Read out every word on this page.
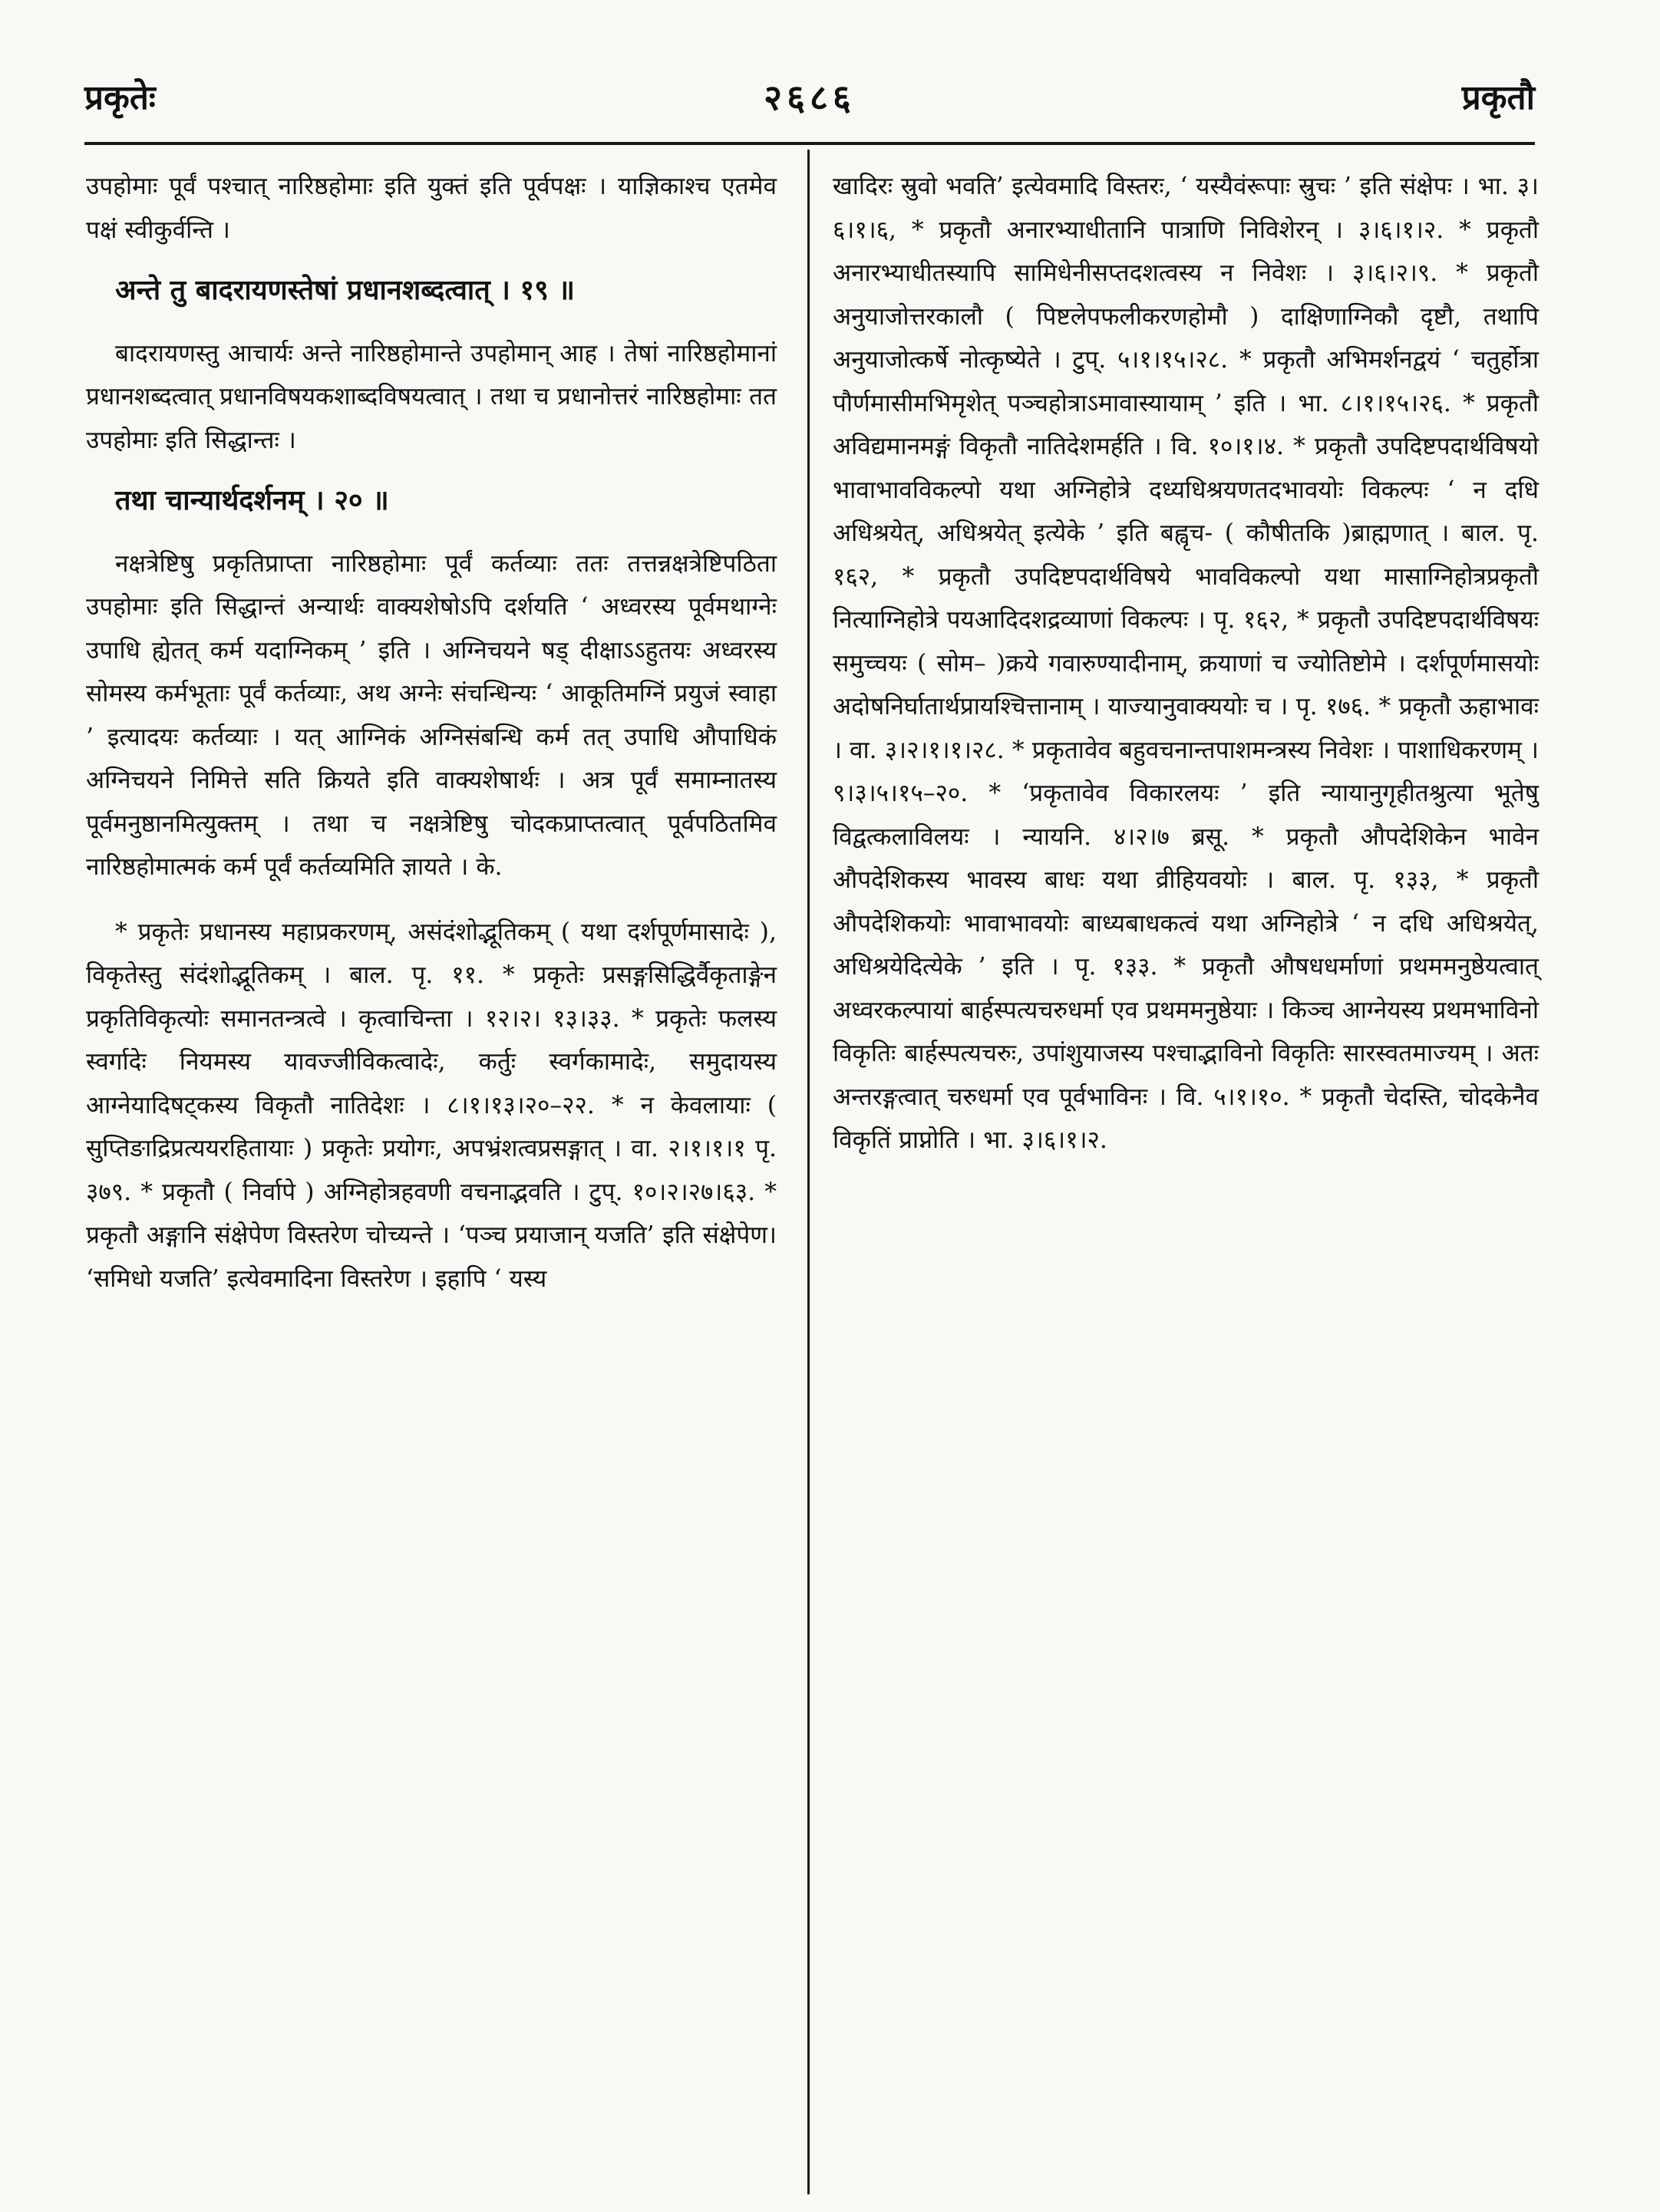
प्रकृतेः	२६८६	प्रकृतौ

उपहोमाः पूर्वं पश्चात् नारिष्ठहोमाः इति युक्तं इति पूर्वपक्षः । याज्ञिकाश्च एतमेव पक्षं स्वीकुर्वन्ति ।

अन्ते तु बादरायणस्तेषां प्रधानशब्दत्वात् । १९ ॥

बादरायणस्तु आचार्यः अन्ते नारिष्ठहोमान्ते उपहोमान् आह । तेषां नारिष्ठहोमानां प्रधानशब्दत्वात् प्रधानविषयकशाब्दविषयत्वात् । तथा च प्रधानोत्तरं नारिष्ठहोमाः तत उपहोमाः इति सिद्धान्तः ।

तथा चान्यार्थदर्शनम् । २० ॥

नक्षत्रेष्टिषु प्रकृतिप्राप्ता नारिष्ठहोमाः पूर्वं कर्तव्याः ततः तत्तन्नक्षत्रेष्टिपठिता उपहोमाः इति सिद्धान्तं अन्यार्थः वाक्यशेषोऽपि दर्शयति ‘ अध्वरस्य पूर्वमथाग्नेः उपाधि ह्येतत् कर्म यदाग्निकम् ’ इति । अग्निचयने षड् दीक्षाऽऽहुतयः अध्वरस्य सोमस्य कर्मभूताः पूर्वं कर्तव्याः, अथ अग्नेः संचन्धिन्यः ‘ आकूतिमग्निं प्रयुजं स्वाहा ’ इत्यादयः कर्तव्याः । यत् आग्निकं अग्निसंबन्धि कर्म तत् उपाधि औपाधिकं अग्निचयने निमित्ते सति क्रियते इति वाक्यशेषार्थः । अत्र पूर्वं समाम्नातस्य पूर्वमनुष्ठानमित्युक्तम् । तथा च नक्षत्रेष्टिषु चोदकप्राप्तत्वात् पूर्वपठितमिव नारिष्ठहोमात्मकं कर्म पूर्वं कर्तव्यमिति ज्ञायते । के.

* प्रकृतेः प्रधानस्य महाप्रकरणम्, असंदंशोद्भूतिकम् ( यथा दर्शपूर्णमासादेः ), विकृतेस्तु संदंशोद्भूतिकम् । बाल. पृ. ११. * प्रकृतेः प्रसङ्गसिद्धिर्वैकृताङ्गेन प्रकृतिविकृत्योः समानतन्त्रत्वे । कृत्वाचिन्ता । १२।२। १३।३३. * प्रकृतेः फलस्य स्वर्गादेः नियमस्य यावज्जीविकत्वादेः, कर्तुः स्वर्गकामादेः, समुदायस्य आग्नेयादिषट्कस्य विकृतौ नातिदेशः । ८।१।१३।२०–२२. * न केवलायाः ( सुप्तिङाद्रिप्रत्ययरहितायाः ) प्रकृतेः प्रयोगः, अपभ्रंशत्वप्रसङ्गात् । वा. २।१।१।१ पृ. ३७९. * प्रकृतौ ( निर्वापे ) अग्निहोत्रहवणी वचनाद्भवति । टुप्. १०।२।२७।६३. * प्रकृतौ अङ्गानि संक्षेपेण विस्तरेण चोच्यन्ते । ‘पञ्च प्रयाजान् यजति’ इति संक्षेपेण। ‘समिधो यजति’ इत्येवमादिना विस्तरेण । इहापि ‘ यस्य

खादिरः स्रुवो भवति’ इत्येवमादि विस्तरः, ‘ यस्यैवंरूपाः स्रुचः ’ इति संक्षेपः । भा. ३।६।१।६, * प्रकृतौ अनारभ्याधीतानि पात्राणि निविशेरन् । ३।६।१।२. * प्रकृतौ अनारभ्याधीतस्यापि सामिधेनीसप्तदशत्वस्य न निवेशः । ३।६।२।९. * प्रकृतौ अनुयाजोत्तरकालौ ( पिष्टलेपफलीकरणहोमौ ) दाक्षिणाग्निकौ दृष्टौ, तथापि अनुयाजोत्कर्षे नोत्कृष्येते । टुप्. ५।१।१५।२८. * प्रकृतौ अभिमर्शनद्वयं ‘ चतुर्होत्रा पौर्णमासीमभिमृशेत् पञ्चहोत्राऽमावास्यायाम् ’ इति । भा. ८।१।१५।२६. * प्रकृतौ अविद्यमानमङ्गं विकृतौ नातिदेशमर्हति । वि. १०।१।४. * प्रकृतौ उपदिष्टपदार्थविषयो भावाभावविकल्पो यथा अग्निहोत्रे दध्यधिश्रयणतदभावयोः विकल्पः ‘ न दधि अधिश्रयेत्, अधिश्रयेत् इत्येके ’ इति बह्वृच- ( कौषीतकि )ब्राह्मणात् । बाल. पृ. १६२, * प्रकृतौ उपदिष्टपदार्थविषये भावविकल्पो यथा मासाग्निहोत्रप्रकृतौ नित्याग्निहोत्रे पयआदिदशद्रव्याणां विकल्पः । पृ. १६२, * प्रकृतौ उपदिष्टपदार्थविषयः समुच्चयः ( सोम– )क्रये गवारुण्यादीनाम्, क्रयाणां च ज्योतिष्टोमे । दर्शपूर्णमासयोः अदोषनिर्घातार्थप्रायश्चित्तानाम् । याज्यानुवाक्ययोः च । पृ. १७६. * प्रकृतौ ऊहाभावः । वा. ३।२।१।१।२८. * प्रकृतावेव बहुवचनान्तपाशमन्त्रस्य निवेशः । पाशाधिकरणम् । ९।३।५।१५–२०. * ‘प्रकृतावेव विकारलयः ’ इति न्यायानुगृहीतश्रुत्या भूतेषु विद्वत्कलाविलयः । न्यायनि. ४।२।७ ब्रसू. * प्रकृतौ औपदेशिकेन भावेन औपदेशिकस्य भावस्य बाधः यथा व्रीहियवयोः । बाल. पृ. १३३, * प्रकृतौ औपदेशिकयोः भावाभावयोः बाध्यबाधकत्वं यथा अग्निहोत्रे ‘ न दधि अधिश्रयेत्, अधिश्रयेदित्येके ’ इति । पृ. १३३. * प्रकृतौ औषधधर्माणां प्रथममनुष्ठेयत्वात् अध्वरकल्पायां बार्हस्पत्यचरुधर्मा एव प्रथममनुष्ठेयाः । किञ्च आग्नेयस्य प्रथमभाविनो विकृतिः बार्हस्पत्यचरुः, उपांशुयाजस्य पश्चाद्भाविनो विकृतिः सारस्वतमाज्यम् । अतः अन्तरङ्गत्वात् चरुधर्मा एव पूर्वभाविनः । वि. ५।१।१०. * प्रकृतौ चेदस्ति, चोदकेनैव विकृतिं प्राप्नोति । भा. ३।६।१।२.
